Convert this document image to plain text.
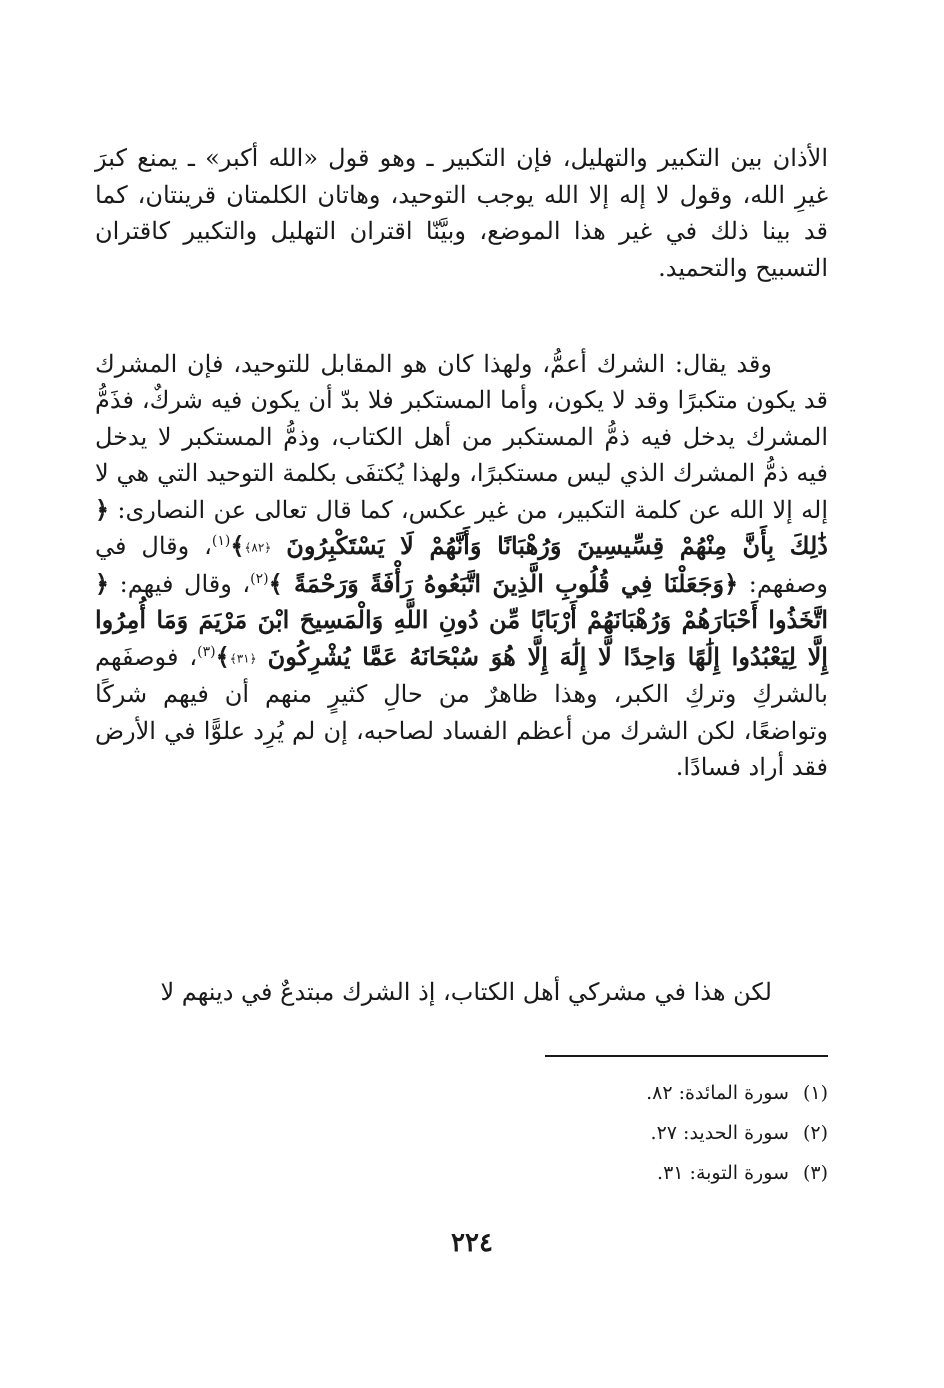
الأذان بين التكبير والتهليل، فإن التكبير ـ وهو قول «الله أكبر» ـ يمنع كبرَ غيرِ الله، وقول لا إله إلا الله يوجب التوحيد، وهاتان الكلمتان قرينتان، كما قد بينا ذلك في غير هذا الموضع، وبيَّنّا اقتران التهليل والتكبير كاقتران التسبيح والتحميد.
وقد يقال: الشرك أعمُّ، ولهذا كان هو المقابل للتوحيد، فإن المشرك قد يكون متكبرًا وقد لا يكون، وأما المستكبر فلا بدّ أن يكون فيه شركٌ، فذَمُّ المشرك يدخل فيه ذمُّ المستكبر من أهل الكتاب، وذمُّ المستكبر لا يدخل فيه ذمُّ المشرك الذي ليس مستكبرًا، ولهذا يُكتفَى بكلمة التوحيد التي هي لا إله إلا الله عن كلمة التكبير، من غير عكس، كما قال تعالى عن النصارى: ﴿ ذَٰلِكَ بِأَنَّ مِنْهُمْ قِسِّيسِينَ وَرُهْبَانًا وَأَنَّهُمْ لَا يَسْتَكْبِرُونَ ﴿٨٢﴾﴾$^{(١)}$، وقال في وصفهم: ﴿وَجَعَلْنَا فِي قُلُوبِ الَّذِينَ اتَّبَعُوهُ رَأْفَةً وَرَحْمَةً ﴾$^{(٢)}$، وقال فيهم: ﴿ اتَّخَذُوا أَحْبَارَهُمْ وَرُهْبَانَهُمْ أَرْبَابًا مِّن دُونِ اللَّهِ وَالْمَسِيحَ ابْنَ مَرْيَمَ وَمَا أُمِرُوا إِلَّا لِيَعْبُدُوا إِلَٰهًا وَاحِدًا لَّا إِلَٰهَ إِلَّا هُوَ سُبْحَانَهُ عَمَّا يُشْرِكُونَ ﴿٣١﴾﴾$^{(٣)}$، فوصفَهم بالشركِ وتركِ الكبر، وهذا ظاهرٌ من حالِ كثيرٍ منهم أن فيهم شركًا وتواضعًا، لكن الشرك من أعظم الفساد لصاحبه، إن لم يُرِد علوًّا في الأرض فقد أراد فسادًا.
لكن هذا في مشركي أهل الكتاب، إذ الشرك مبتدعٌ في دينهم لا
(١)سورة المائدة: ٨٢.
(٢)سورة الحديد: ٢٧.
(٣)سورة التوبة: ٣١.
٢٢٤
